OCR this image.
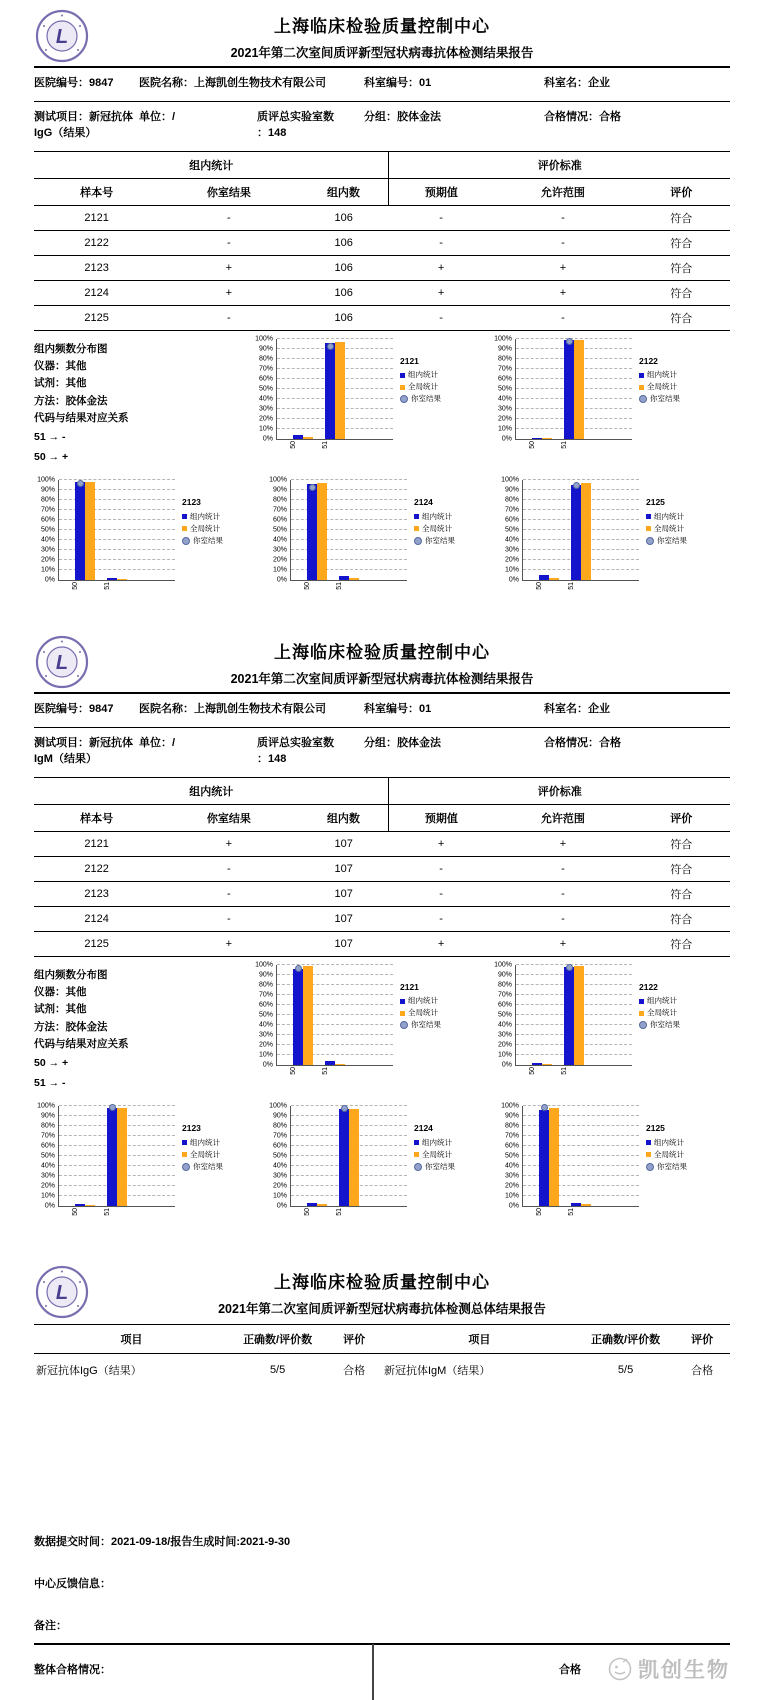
L	上海临床检验质量控制中心
2021年第二次室间质评新型冠状病毒抗体检测结果报告
医院编号：9847	医院名称：上海凯创生物技术有限公司	科室编号：01	科室名：企业
测试项目：新冠抗体IgG（结果）
单位：/	质评总实验室数
：148
分组：胶体金法	合格情况：合格
组内统计			评价标准		
样本号	你室结果	组内数	预期值	允许范围	评价
2121	-	106	-	-	符合
2122	-	106	-	-	符合
2123	+	106	+	+	符合
2124	+	106	+	+	符合
2125	-	106	-	-	符合
组内频数分布图
仪器：其他
试剂：其他
方法：胶体金法
代码与结果对应关系
51 → -
50 → +
0%
10%
20%
30%
40%
50%
60%
70%
80%
90%
100%
50	51
2121
组内统计
全局统计
你室结果
0%
10%
20%
30%
40%
50%
60%
70%
80%
90%
100%
50	51
2122
组内统计
全局统计
你室结果
0%
10%
20%
30%
40%
50%
60%
70%
80%
90%
100%
50	51
2123
组内统计
全局统计
你室结果
0%
10%
20%
30%
40%
50%
60%
70%
80%
90%
100%
50	51
2124
组内统计
全局统计
你室结果
0%
10%
20%
30%
40%
50%
60%
70%
80%
90%
100%
50	51
2125
组内统计
全局统计
你室结果
L	上海临床检验质量控制中心
2021年第二次室间质评新型冠状病毒抗体检测结果报告
医院编号：9847	医院名称：上海凯创生物技术有限公司	科室编号：01	科室名：企业
测试项目：新冠抗体IgM（结果）
单位：/	质评总实验室数
：148
分组：胶体金法	合格情况：合格
组内统计			评价标准		
样本号	你室结果	组内数	预期值	允许范围	评价
2121	+	107	+	+	符合
2122	-	107	-	-	符合
2123	-	107	-	-	符合
2124	-	107	-	-	符合
2125	+	107	+	+	符合
组内频数分布图
仪器：其他
试剂：其他
方法：胶体金法
代码与结果对应关系
50 → +
51 → -
0%
10%
20%
30%
40%
50%
60%
70%
80%
90%
100%
50	51
2121
组内统计
全局统计
你室结果
0%
10%
20%
30%
40%
50%
60%
70%
80%
90%
100%
50	51
2122
组内统计
全局统计
你室结果
0%
10%
20%
30%
40%
50%
60%
70%
80%
90%
100%
50	51
2123
组内统计
全局统计
你室结果
0%
10%
20%
30%
40%
50%
60%
70%
80%
90%
100%
50	51
2124
组内统计
全局统计
你室结果
0%
10%
20%
30%
40%
50%
60%
70%
80%
90%
100%
50	51
2125
组内统计
全局统计
你室结果
L	上海临床检验质量控制中心
2021年第二次室间质评新型冠状病毒抗体检测总体结果报告
项目	正确数/评价数	评价	项目	正确数/评价数	评价
新冠抗体IgG（结果）	5/5	合格	新冠抗体IgM（结果）	5/5	合格
数据提交时间：2021-09-18/报告生成时间:2021-9-30
中心反馈信息：
备注：
整体合格情况：	合格	凯创生物
